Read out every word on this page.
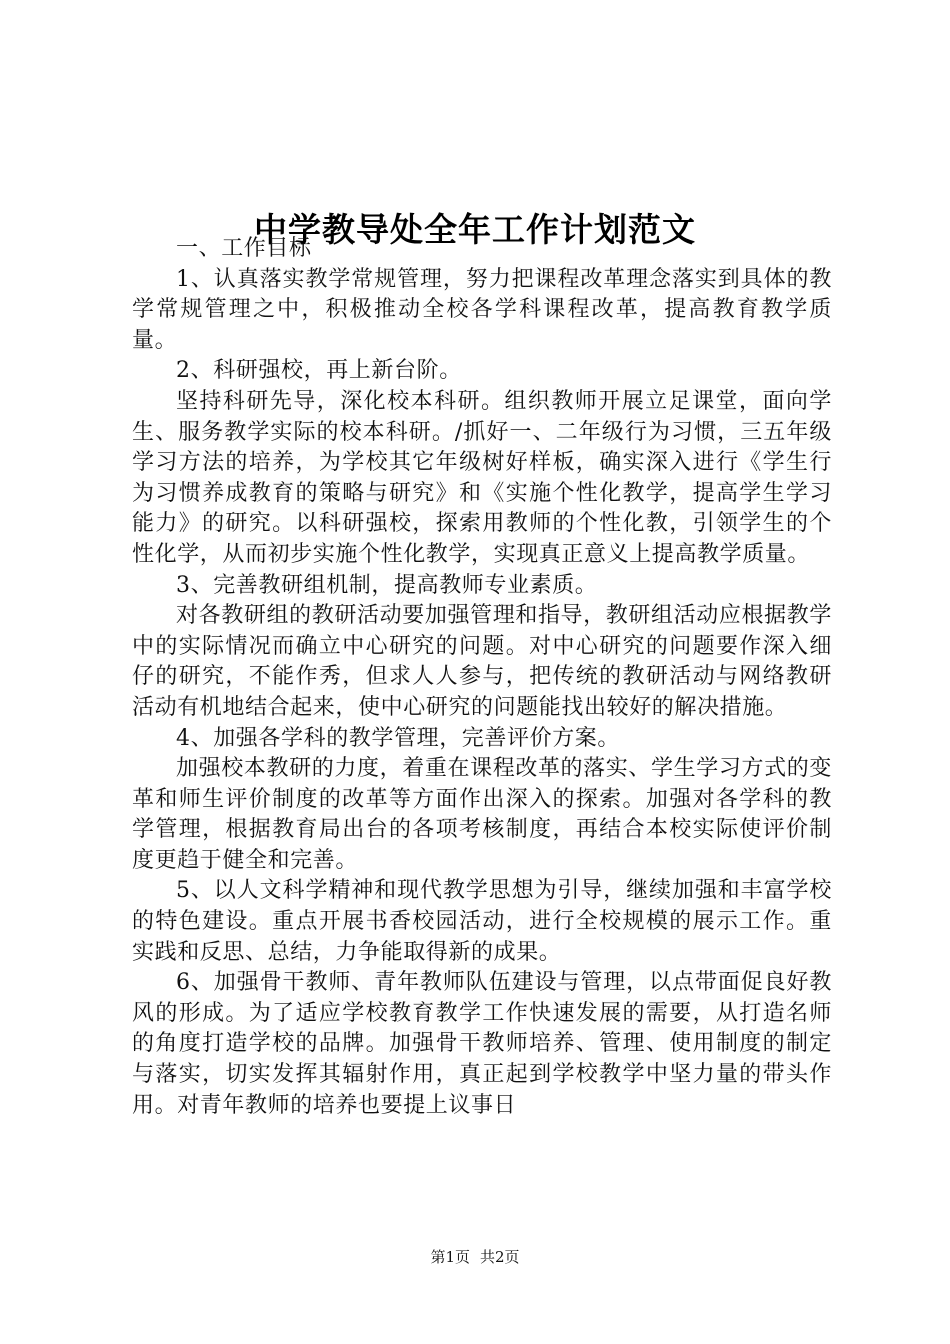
中学教导处全年工作计划范文

一、工作目标

1、认真落实教学常规管理，努力把课程改革理念落实到具体的教学常规管理之中，积极推动全校各学科课程改革，提高教育教学质量。

2、科研强校，再上新台阶。

坚持科研先导，深化校本科研。组织教师开展立足课堂，面向学生、服务教学实际的校本科研。/抓好一、二年级行为习惯，三五年级学习方法的培养，为学校其它年级树好样板，确实深入进行《学生行为习惯养成教育的策略与研究》和《实施个性化教学，提高学生学习能力》的研究。以科研强校，探索用教师的个性化教，引领学生的个性化学，从而初步实施个性化教学，实现真正意义上提高教学质量。

3、完善教研组机制，提高教师专业素质。

对各教研组的教研活动要加强管理和指导，教研组活动应根据教学中的实际情况而确立中心研究的问题。对中心研究的问题要作深入细仔的研究，不能作秀，但求人人参与，把传统的教研活动与网络教研活动有机地结合起来，使中心研究的问题能找出较好的解决措施。

4、加强各学科的教学管理，完善评价方案。

加强校本教研的力度，着重在课程改革的落实、学生学习方式的变革和师生评价制度的改革等方面作出深入的探索。加强对各学科的教学管理，根据教育局出台的各项考核制度，再结合本校实际使评价制度更趋于健全和完善。

5、以人文科学精神和现代教学思想为引导，继续加强和丰富学校的特色建设。重点开展书香校园活动，进行全校规模的展示工作。重实践和反思、总结，力争能取得新的成果。

6、加强骨干教师、青年教师队伍建设与管理，以点带面促良好教风的形成。为了适应学校教育教学工作快速发展的需要，从打造名师的角度打造学校的品牌。加强骨干教师培养、管理、使用制度的制定与落实，切实发挥其辐射作用，真正起到学校教学中坚力量的带头作用。对青年教师的培养也要提上议事日

第1页 共2页
